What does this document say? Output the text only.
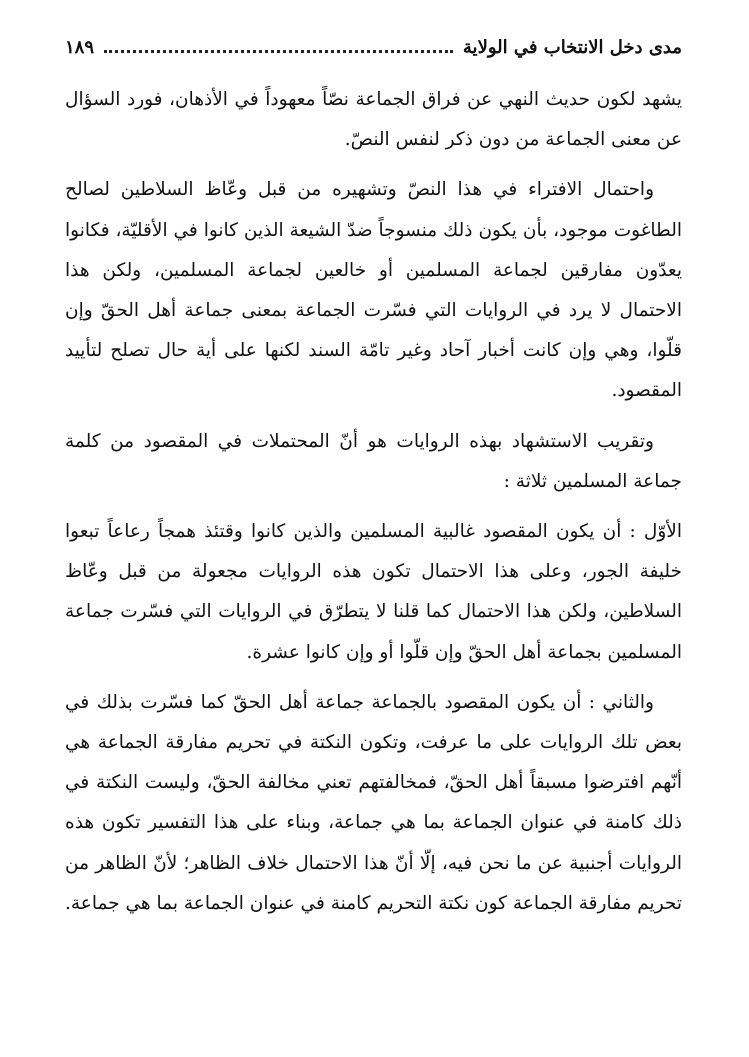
مدى دخل الانتخاب في الولاية
١٨٩

يشهد لكون حديث النهي عن فراق الجماعة نصّاً معهوداً في الأذهان، فورد السؤال عن معنى الجماعة من دون ذكر لنفس النصّ.

واحتمال الافتراء في هذا النصّ وتشهيره من قبل وعّاظ السلاطين لصالح الطاغوت موجود، بأن يكون ذلك منسوجاً ضدّ الشيعة الذين كانوا في الأقليّة، فكانوا يعدّون مفارقين لجماعة المسلمين أو خالعين لجماعة المسلمين، ولكن هذا الاحتمال لا يرد في الروايات التي فسّرت الجماعة بمعنى جماعة أهل الحقّ وإن قلّوا، وهي وإن كانت أخبار آحاد وغير تامّة السند لكنها على أية حال تصلح لتأييد المقصود.

وتقريب الاستشهاد بهذه الروايات هو أنّ المحتملات في المقصود من كلمة جماعة المسلمين ثلاثة :

الأوّل : أن يكون المقصود غالبية المسلمين والذين كانوا وقتئذ همجاً رعاعاً تبعوا خليفة الجور، وعلى هذا الاحتمال تكون هذه الروايات مجعولة من قبل وعّاظ السلاطين، ولكن هذا الاحتمال كما قلنا لا يتطرّق في الروايات التي فسّرت جماعة المسلمين بجماعة أهل الحقّ وإن قلّوا أو وإن كانوا عشرة.

والثاني : أن يكون المقصود بالجماعة جماعة أهل الحقّ كما فسّرت بذلك في بعض تلك الروايات على ما عرفت، وتكون النكتة في تحريم مفارقة الجماعة هي أنّهم افترضوا مسبقاً أهل الحقّ، فمخالفتهم تعني مخالفة الحقّ، وليست النكتة في ذلك كامنة في عنوان الجماعة بما هي جماعة، وبناء على هذا التفسير تكون هذه الروايات أجنبية عن ما نحن فيه، إلّا أنّ هذا الاحتمال خلاف الظاهر؛ لأنّ الظاهر من تحريم مفارقة الجماعة كون نكتة التحريم كامنة في عنوان الجماعة بما هي جماعة.
